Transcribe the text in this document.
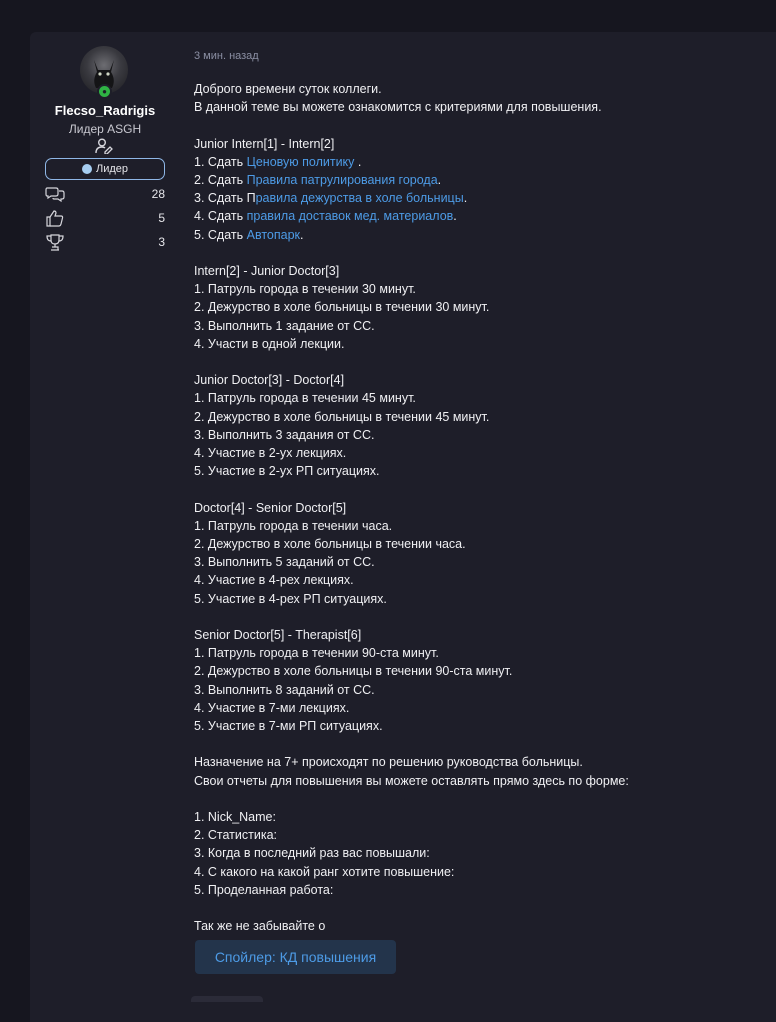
●
Flecso_Radrigis
Лидер ASGH
Лидер
28
5
3
3 мин. назад

Доброго времени суток коллеги.

В данной теме вы можете ознакомится с критериями для повышения.

Junior Intern[1] - Intern[2]

1. Сдать Ценовую политику .

2. Сдать Правила патрулирования города.

3. Сдать Правила дежурства в холе больницы.

4. Сдать правила доставок мед. материалов.

5. Сдать Автопарк.

Intern[2] - Junior Doctor[3]

1. Патруль города в течении 30 минут.

2. Дежурство в холе больницы в течении 30 минут.

3. Выполнить 1 задание от СС.

4. Участи в одной лекции.

Junior Doctor[3] - Doctor[4]

1. Патруль города в течении 45 минут.

2. Дежурство в холе больницы в течении 45 минут.

3. Выполнить 3 задания от СС.

4. Участие в 2-ух лекциях.

5. Участие в 2-ух РП ситуациях.

Doctor[4] - Senior Doctor[5]

1. Патруль города в течении часа.

2. Дежурство в холе больницы в течении часа.

3. Выполнить 5 заданий от СС.

4. Участие в 4-рех лекциях.

5. Участие в 4-рех РП ситуациях.

Senior Doctor[5] - Therapist[6]

1. Патруль города в течении 90-ста минут.

2. Дежурство в холе больницы в течении 90-ста минут.

3. Выполнить 8 заданий от СС.

4. Участие в 7-ми лекциях.

5. Участие в 7-ми РП ситуациях.

Назначение на 7+ происходят по решению руководства больницы.

Свои отчеты для повышения вы можете оставлять прямо здесь по форме:

1. Nick_Name:

2. Статистика:

3. Когда в последний раз вас повышали:

4. С какого на какой ранг хотите повышение:

5. Проделанная работа:

Так же не забывайте о

Спойлер: КД повышения
